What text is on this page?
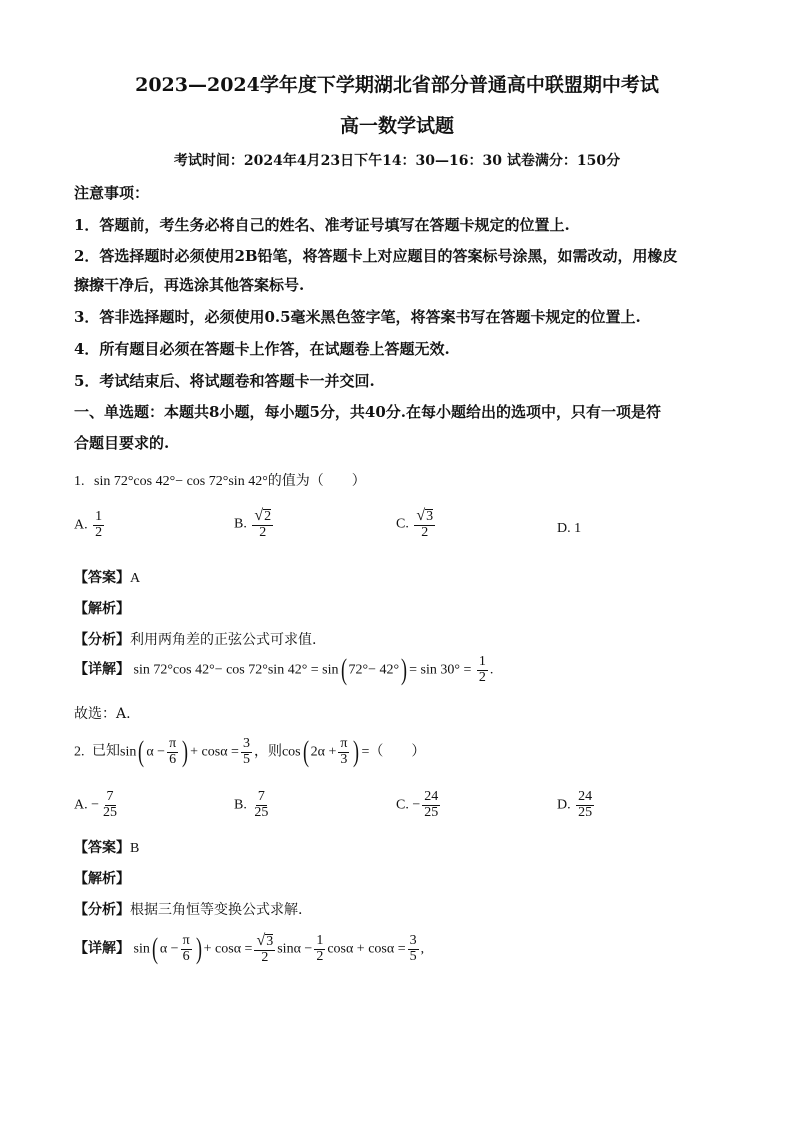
2023—2024学年度下学期湖北省部分普通高中联盟期中考试
高一数学试题
考试时间：2024年4月23日下午14：30—16：30 试卷满分：150分
注意事项：
1．答题前，考生务必将自己的姓名、准考证号填写在答题卡规定的位置上.
2．答选择题时必须使用2B铅笔，将答题卡上对应题目的答案标号涂黑，如需改动，用橡皮
擦擦干净后，再选涂其他答案标号.
3．答非选择题时，必须使用0.5毫米黑色签字笔，将答案书写在答题卡规定的位置上.
4．所有题目必须在答题卡上作答，在试题卷上答题无效.
5．考试结束后、将试题卷和答题卡一并交回.
一、单选题：本题共8小题，每小题5分，共40分.在每小题给出的选项中，只有一项是符
合题目要求的.
1. sin 72°cos 42°− cos 72°sin 42°的值为（　　）
A. $\frac{1}{2}$	B. $\frac{√2}{2}$	C. $\frac{√3}{2}$	D. 1
【答案】A
【解析】
【分析】利用两角差的正弦公式可求值.
【详解】 sin 72°cos 42°− cos 72°sin 42° = sin( $72^\circ- 42^\circ) = \sin 30^\circ = \frac{1}{2}$ .
故选：A.
2. 已知sin( $\alpha - \frac{\pi}{6}$ ) + $\cos\alpha = \frac{3}{5}$ ，则cos( $2\alpha + \frac{\pi}{3}$ ) =（　　）
A. − $\frac{7}{25}$	B. $\frac{7}{25}$	C. − $\frac{24}{25}$	D. $\frac{24}{25}$
【答案】B
【解析】
【分析】根据三角恒等变换公式求解.
【详解】 sin( $\alpha - \frac{\pi}{6}$ ) + $\cos\alpha = \frac{√3}{2}$ $\sin\alpha - \frac{1}{2}$ $\cos\alpha + \cos\alpha = \frac{3}{5}$ ,
